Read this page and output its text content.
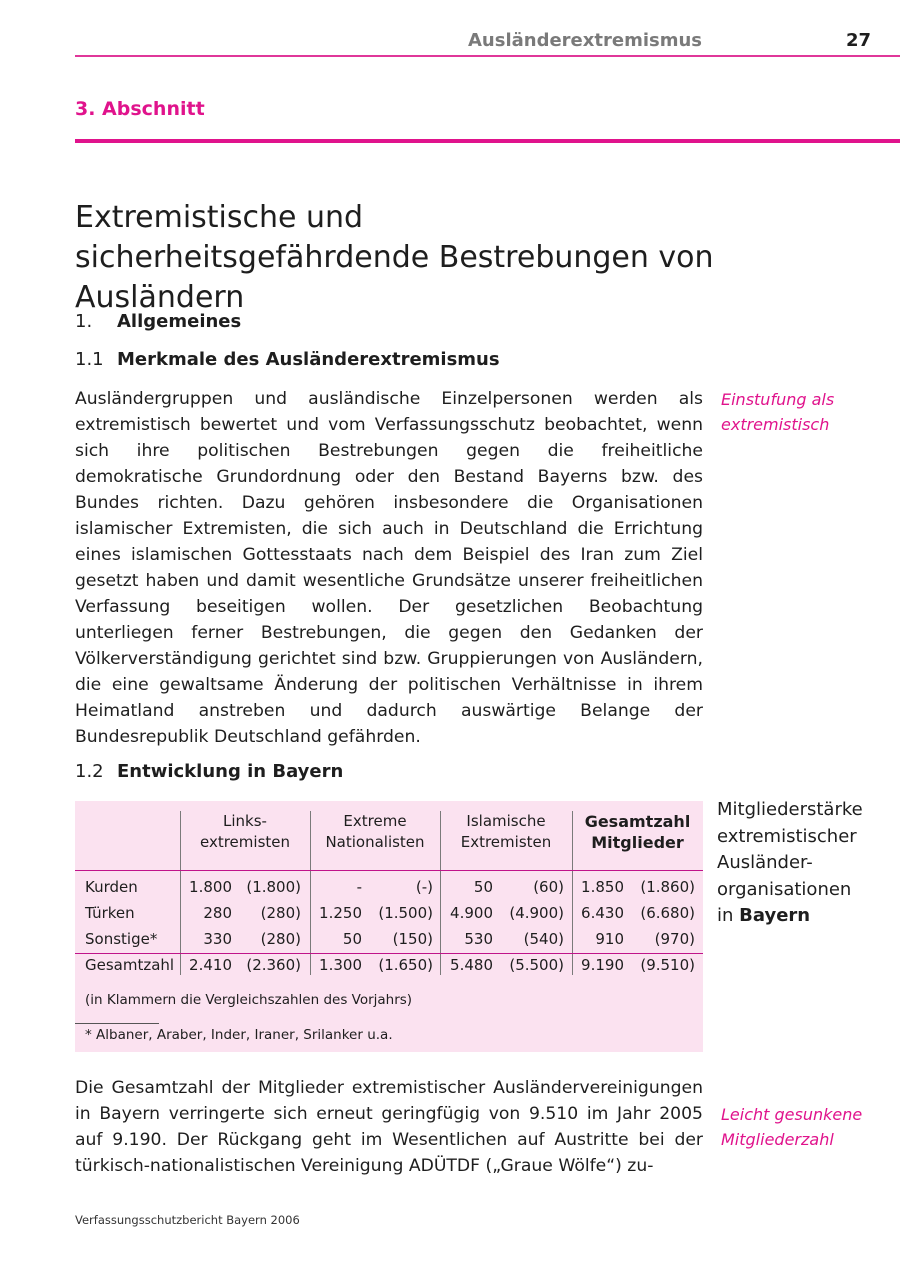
Ausländerextremismus	27
3. Abschnitt
Extremistische und sicherheitsgefährdende Bestrebungen von Ausländern
1. Allgemeines
1.1 Merkmale des Ausländerextremismus

Ausländergruppen und ausländische Einzelpersonen werden als extremistisch bewertet und vom Verfassungsschutz beobachtet, wenn sich ihre politischen Bestrebungen gegen die freiheitliche demokratische Grundordnung oder den Bestand Bayerns bzw. des Bundes richten. Dazu gehören insbesondere die Organisationen islamischer Extremisten, die sich auch in Deutschland die Errichtung eines islamischen Gottesstaats nach dem Beispiel des Iran zum Ziel gesetzt haben und damit wesentliche Grundsätze unserer freiheitlichen Verfassung beseitigen wollen. Der gesetzlichen Beobachtung unterliegen ferner Bestrebungen, die gegen den Gedanken der Völkerverständigung gerichtet sind bzw. Gruppierungen von Ausländern, die eine gewaltsame Änderung der politischen Verhältnisse in ihrem Heimatland anstreben und dadurch auswärtige Belange der Bundesrepublik Deutschland gefährden.

Einstufung als
extremistisch
1.2 Entwicklung in Bayern
Links-
extremisten
Extreme
Nationalisten
Islamische
Extremisten
Gesamtzahl
Mitglieder
Kurden	1.800 (1.800)	-	(-)	50	(60)	1.850	(1.860)
Türken	280	(280)	1.250	(1.500)	4.900	(4.900)	6.430	(6.680)
Sonstige*	330	(280)	50	(150)	530	(540)	910	(970)
Gesamtzahl 2.410 (2.360)	1.300	(1.650)	5.480	(5.500)	9.190	(9.510)
(in Klammern die Vergleichszahlen des Vorjahrs)
* Albaner, Araber, Inder, Iraner, Srilanker u.a.
Mitgliederstärke
extremistischer
Ausländer-
organisationen
in Bayern

Die Gesamtzahl der Mitglieder extremistischer Ausländervereinigungen in Bayern verringerte sich erneut geringfügig von 9.510 im Jahr 2005 auf 9.190. Der Rückgang geht im Wesentlichen auf Austritte bei der türkisch-nationalistischen Vereinigung ADÜTDF („Graue Wölfe“) zu-

Leicht gesunkene
Mitgliederzahl
Verfassungsschutzbericht Bayern 2006
